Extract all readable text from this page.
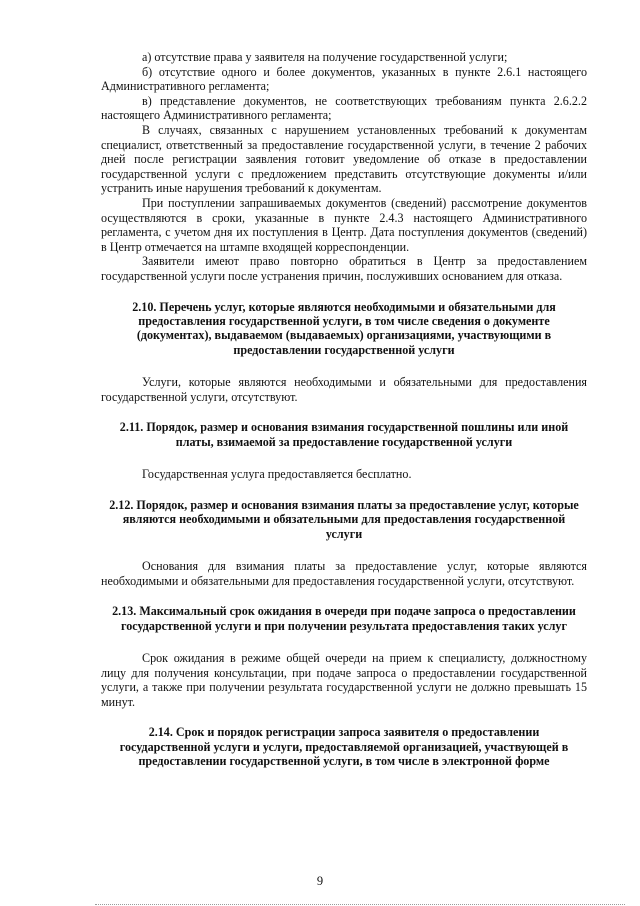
а) отсутствие права у заявителя на получение государственной услуги;

б) отсутствие одного и более документов, указанных в пункте 2.6.1 настоящего Административного регламента;

в) представление документов, не соответствующих требованиям пункта 2.6.2.2 настоящего Административного регламента;

В случаях, связанных с нарушением установленных требований к документам специалист, ответственный за предоставление государственной услуги, в течение 2 рабочих дней после регистрации заявления готовит уведомление об отказе в предоставлении государственной услуги с предложением представить отсутствующие документы и/или устранить иные нарушения требований к документам.

При поступлении запрашиваемых документов (сведений) рассмотрение документов осуществляются в сроки, указанные в пункте 2.4.3 настоящего Административного регламента, с учетом дня их поступления в Центр. Дата поступления документов (сведений) в Центр отмечается на штампе входящей корреспонденции.

Заявители имеют право повторно обратиться в Центр за предоставлением государственной услуги после устранения причин, послуживших основанием для отказа.

2.10. Перечень услуг, которые являются необходимыми и обязательными для предоставления государственной услуги, в том числе сведения о документе (документах), выдаваемом (выдаваемых) организациями, участвующими в предоставлении государственной услуги

Услуги, которые являются необходимыми и обязательными для предоставления государственной услуги, отсутствуют.

2.11. Порядок, размер и основания взимания государственной пошлины или иной платы, взимаемой за предоставление государственной услуги

Государственная услуга предоставляется бесплатно.

2.12. Порядок, размер и основания взимания платы за предоставление услуг, которые являются необходимыми и обязательными для предоставления государственной услуги

Основания для взимания платы за предоставление услуг, которые являются необходимыми и обязательными для предоставления государственной услуги, отсутствуют.

2.13. Максимальный срок ожидания в очереди при подаче запроса о предоставлении государственной услуги и при получении результата предоставления таких услуг

Срок ожидания в режиме общей очереди на прием к специалисту, должностному лицу для получения консультации, при подаче запроса о предоставлении государственной услуги, а также при получении результата государственной услуги не должно превышать 15 минут.

2.14. Срок и порядок регистрации запроса заявителя о предоставлении государственной услуги и услуги, предоставляемой организацией, участвующей в предоставлении государственной услуги, в том числе в электронной форме

9
